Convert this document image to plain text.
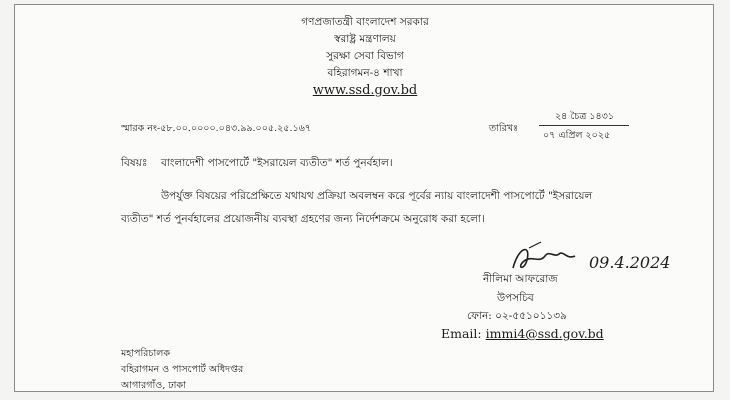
গণপ্রজাতন্ত্রী বাংলাদেশ সরকার
স্বরাষ্ট্র মন্ত্রণালয়
সুরক্ষা সেবা বিভাগ
বহিরাগমন-৪ শাখা
www.ssd.gov.bd
স্মারক নং-৫৮.০০.০০০০.০৪৩.৯৯.০০৫.২৫.১৬৭	তারিখঃ
২৪ চৈত্র ১৪৩১
০৭ এপ্রিল ২০২৫
বিষয়ঃ বাংলাদেশী পাসপোর্টে "ইসরায়েল ব্যতীত" শর্ত পুনর্বহাল।
উপর্যুক্ত বিষয়ের পরিপ্রেক্ষিতে যথাযথ প্রক্রিয়া অবলম্বন করে পূর্বের ন্যায় বাংলাদেশী পাসপোর্টে "ইসরায়েল
ব্যতীত" শর্ত পুনর্বহালের প্রয়োজনীয় ব্যবস্থা গ্রহণের জন্য নির্দেশক্রমে অনুরোধ করা হলো।
09.4.2024
নীলিমা আফরোজ
উপসচিব
ফোন: ০২-৫৫১০১১৩৯
Email: immi4@ssd.gov.bd
মহাপরিচালক
বহিরাগমন ও পাসপোর্ট অধিদপ্তর
আগারগাঁও, ঢাকা
